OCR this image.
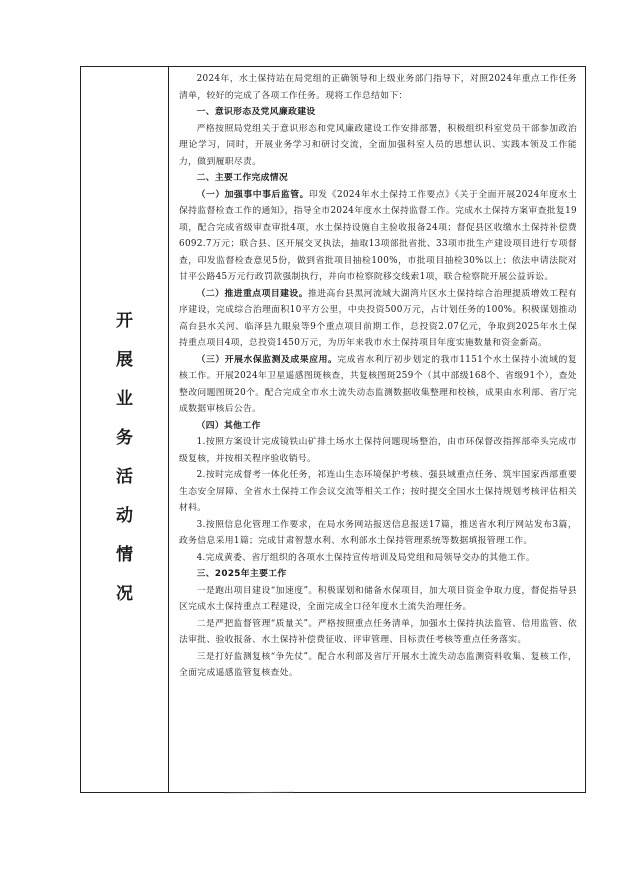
开
展
业
务
活
动
情
况

2024年，水土保持站在局党组的正确领导和上级业务部门指导下，对照2024年重点工作任务清单，较好的完成了各项工作任务。现将工作总结如下：

一、意识形态及党风廉政建设

严格按照局党组关于意识形态和党风廉政建设工作安排部署，积极组织科室党员干部参加政治理论学习，同时，开展业务学习和研讨交流，全面加强科室人员的思想认识、实践本领及工作能力，做到履职尽责。

二、主要工作完成情况

（一）加强事中事后监管。印发《2024年水土保持工作要点》《关于全面开展2024年度水土保持监督检查工作的通知》，指导全市2024年度水土保持监督工作。完成水土保持方案审查批复19项，配合完成省级审查审批4项，水土保持设施自主验收报备24项；督促县区收缴水土保持补偿费6092.7万元；联合县、区开展交叉执法，抽取13项部批省批、33项市批生产建设项目进行专项督查，印发监督检查意见5份，做到省批项目抽检100%，市批项目抽检30%以上；依法申请法院对甘平公路45万元行政罚款强制执行，并向市检察院移交线索1项，联合检察院开展公益诉讼。

（二）推进重点项目建设。推进高台县黑河流域大湖湾片区水土保持综合治理提质增效工程有序建设，完成综合治理面积10平方公里，中央投资500万元，占计划任务的100%。积极谋划推动高台县水关河、临泽县九眼泉等9个重点项目前期工作，总投资2.07亿元，争取到2025年水土保持重点项目4项，总投资1450万元，为历年来我市水土保持项目年度实施数量和资金新高。

（三）开展水保监测及成果应用。完成省水利厅初步划定的我市1151个水土保持小流域的复核工作。开展2024年卫星遥感图斑核查，共复核图斑259个（其中部级168个、省级91个），查处整改问题图斑20个。配合完成全市水土流失动态监测数据收集整理和校核，成果由水利部、省厅完成数据审核后公告。

（四）其他工作

1.按照方案设计完成镜铁山矿排土场水土保持问题现场整治，由市环保督改指挥部牵头完成市级复核，并按相关程序验收销号。

2.按时完成督考一体化任务，祁连山生态环境保护考核、强县域重点任务、筑牢国家西部重要生态安全屏障、全省水土保持工作会议交流等相关工作；按时提交全国水土保持规划考核评估相关材料。

3.按照信息化管理工作要求，在局水务网站报送信息报送17篇，推送省水利厅网站发布3篇，政务信息采用1篇；完成甘肃智慧水利、水利部水土保持管理系统等数据填报管理工作。

4.完成黄委、省厅组织的各项水土保持宣传培训及局党组和局领导交办的其他工作。

三、2025年主要工作

一是跑出项目建设“加速度”。积极谋划和储备水保项目，加大项目资金争取力度，督促指导县区完成水土保持重点工程建设，全面完成全口径年度水土流失治理任务。

二是严把监督管理“质量关”。严格按照重点任务清单，加强水土保持执法监管、信用监管、依法审批、验收报备、水土保持补偿费征收、评审管理、目标责任考核等重点任务落实。

三是打好监测复核“争先仗”。配合水利部及省厅开展水土流失动态监测资料收集、复核工作，全面完成遥感监管复核查处。
